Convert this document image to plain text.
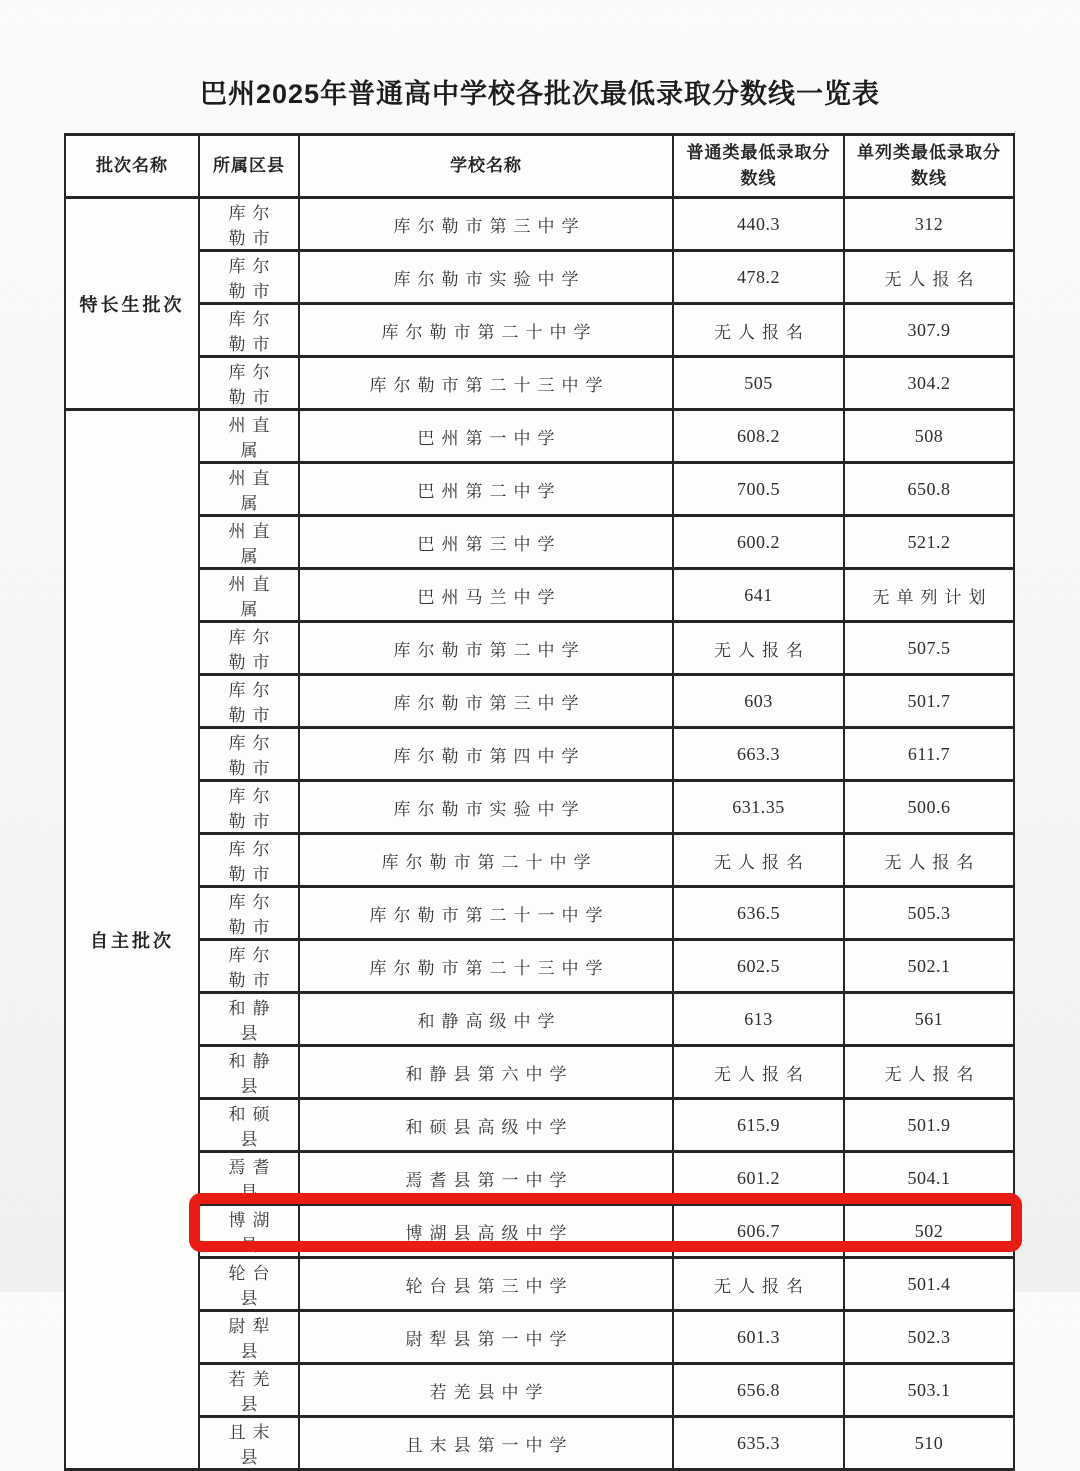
巴州2025年普通高中学校各批次最低录取分数线一览表
批次名称	所属区县	学校名称	普通类最低录取分数线	单列类最低录取分数线
特长生批次	库尔勒市	库尔勒市第三中学	440.3	312
	库尔勒市	库尔勒市实验中学	478.2	无人报名
	库尔勒市	库尔勒市第二十中学	无人报名	307.9
	库尔勒市	库尔勒市第二十三中学	505	304.2
自主批次	州直属	巴州第一中学	608.2	508
	州直属	巴州第二中学	700.5	650.8
	州直属	巴州第三中学	600.2	521.2
	州直属	巴州马兰中学	641	无单列计划
	库尔勒市	库尔勒市第二中学	无人报名	507.5
	库尔勒市	库尔勒市第三中学	603	501.7
	库尔勒市	库尔勒市第四中学	663.3	611.7
	库尔勒市	库尔勒市实验中学	631.35	500.6
	库尔勒市	库尔勒市第二十中学	无人报名	无人报名
	库尔勒市	库尔勒市第二十一中学	636.5	505.3
	库尔勒市	库尔勒市第二十三中学	602.5	502.1
	和静县	和静高级中学	613	561
	和静县	和静县第六中学	无人报名	无人报名
	和硕县	和硕县高级中学	615.9	501.9
	焉耆县	焉耆县第一中学	601.2	504.1
	博湖县	博湖县高级中学	606.7	502
	轮台县	轮台县第三中学	无人报名	501.4
	尉犁县	尉犁县第一中学	601.3	502.3
	若羌县	若羌县中学	656.8	503.1
	且末县	且末县第一中学	635.3	510
